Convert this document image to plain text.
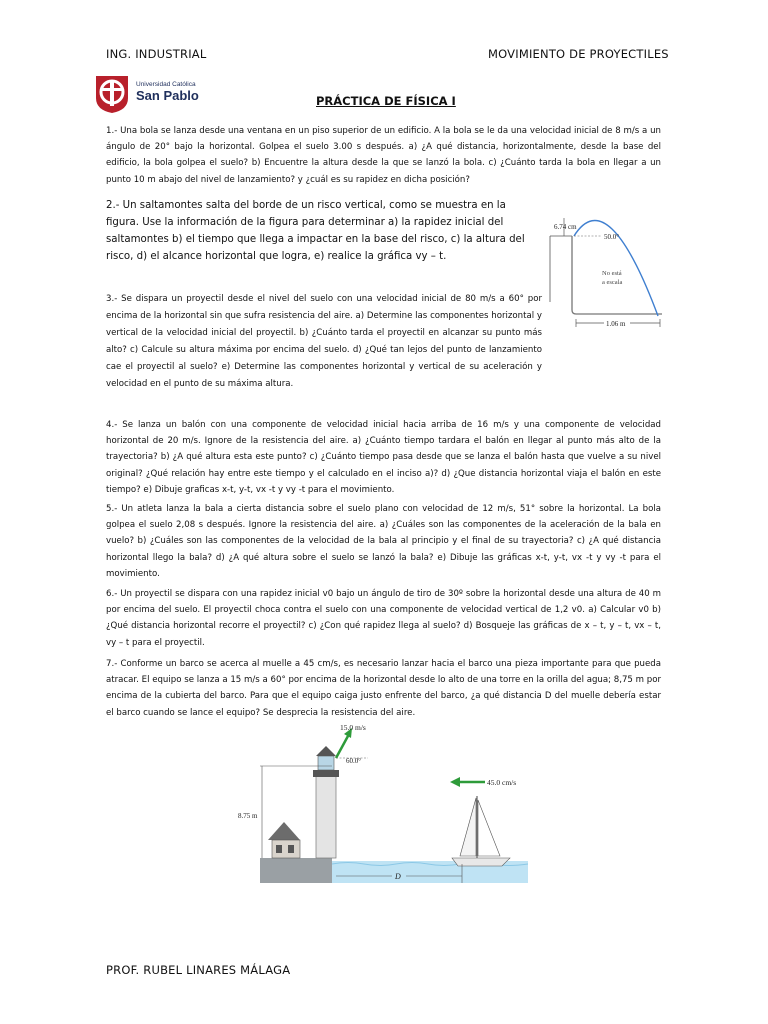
ING. INDUSTRIAL	MOVIMIENTO DE PROYECTILES
Universidad Católica
San Pablo	PRÁCTICA DE FÍSICA I
1.- Una bola se lanza desde una ventana en un piso superior de un edificio. A la bola se le da una velocidad inicial de 8 m/s a un ángulo de 20° bajo la horizontal. Golpea el suelo 3.00 s después. a) ¿A qué distancia, horizontalmente, desde la base del edificio, la bola golpea el suelo? b) Encuentre la altura desde la que se lanzó la bola. c) ¿Cuánto tarda la bola en llegar a un punto 10 m abajo del nivel de lanzamiento? y ¿cuál es su rapidez en dicha posición?
2.- Un saltamontes salta del borde de un risco vertical, como se muestra en la figura. Use la información de la figura para determinar a) la rapidez inicial del saltamontes b) el tiempo que llega a impactar en la base del risco, c) la altura del risco, d) el alcance horizontal que logra, e) realice la gráfica vy – t.
6.74 cm
50.0°
No está
a escala
1.06 m
3.- Se dispara un proyectil desde el nivel del suelo con una velocidad inicial de 80 m/s a 60° por encima de la horizontal sin que sufra resistencia del aire. a) Determine las componentes horizontal y vertical de la velocidad inicial del proyectil. b) ¿Cuánto tarda el proyectil en alcanzar su punto más alto? c) Calcule su altura máxima por encima del suelo. d) ¿Qué tan lejos del punto de lanzamiento cae el proyectil al suelo? e) Determine las componentes horizontal y vertical de su aceleración y velocidad en el punto de su máxima altura.
4.- Se lanza un balón con una componente de velocidad inicial hacia arriba de 16 m/s y una componente de velocidad horizontal de 20 m/s. Ignore de la resistencia del aire. a) ¿Cuánto tiempo tardara el balón en llegar al punto más alto de la trayectoria? b) ¿A qué altura esta este punto? c) ¿Cuánto tiempo pasa desde que se lanza el balón hasta que vuelve a su nivel original? ¿Qué relación hay entre este tiempo y el calculado en el inciso a)? d) ¿Que distancia horizontal viaja el balón en este tiempo? e) Dibuje graficas x-t, y-t, vx -t y vy -t para el movimiento.
5.- Un atleta lanza la bala a cierta distancia sobre el suelo plano con velocidad de 12 m/s, 51° sobre la horizontal. La bola golpea el suelo 2,08 s después. Ignore la resistencia del aire. a) ¿Cuáles son las componentes de la aceleración de la bala en vuelo? b) ¿Cuáles son las componentes de la velocidad de la bala al principio y el final de su trayectoria? c) ¿A qué distancia horizontal llego la bala? d) ¿A qué altura sobre el suelo se lanzó la bala? e) Dibuje las gráficas x-t, y-t, vx -t y vy -t para el movimiento.
6.- Un proyectil se dispara con una rapidez inicial v0 bajo un ángulo de tiro de 30º sobre la horizontal desde una altura de 40 m por encima del suelo. El proyectil choca contra el suelo con una componente de velocidad vertical de 1,2 v0. a) Calcular v0 b) ¿Qué distancia horizontal recorre el proyectil? c) ¿Con qué rapidez llega al suelo? d) Bosqueje las gráficas de x – t, y – t, vx – t, vy – t para el proyectil.
7.- Conforme un barco se acerca al muelle a 45 cm/s, es necesario lanzar hacia el barco una pieza importante para que pueda atracar. El equipo se lanza a 15 m/s a 60° por encima de la horizontal desde lo alto de una torre en la orilla del agua; 8,75 m por encima de la cubierta del barco. Para que el equipo caiga justo enfrente del barco, ¿a qué distancia D del muelle debería estar el barco cuando se lance el equipo? Se desprecia la resistencia del aire.
8.75 m
15.0 m/s
60.0°
45.0 cm/s
D
PROF. RUBEL LINARES MÁLAGA
